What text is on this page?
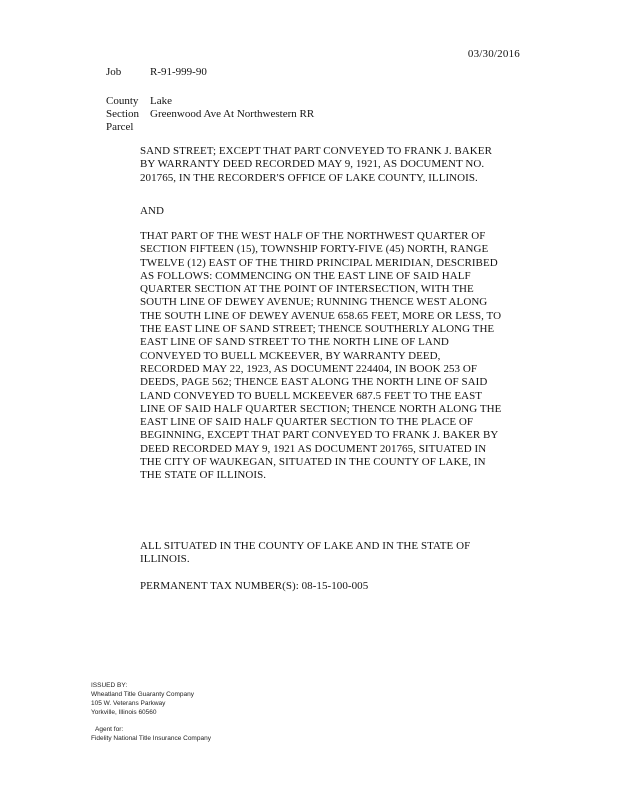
03/30/2016
Job	R-91-999-90
County	Lake
Section	Greenwood Ave At Northwestern RR
Parcel
SAND STREET; EXCEPT THAT PART CONVEYED TO FRANK J. BAKER BY WARRANTY DEED RECORDED MAY 9, 1921, AS DOCUMENT NO. 201765, IN THE RECORDER'S OFFICE OF LAKE COUNTY, ILLINOIS.
AND
THAT PART OF THE WEST HALF OF THE NORTHWEST QUARTER OF SECTION FIFTEEN (15), TOWNSHIP FORTY-FIVE (45) NORTH, RANGE TWELVE (12) EAST OF THE THIRD PRINCIPAL MERIDIAN, DESCRIBED AS FOLLOWS: COMMENCING ON THE EAST LINE OF SAID HALF QUARTER SECTION AT THE POINT OF INTERSECTION, WITH THE SOUTH LINE OF DEWEY AVENUE; RUNNING THENCE WEST ALONG THE SOUTH LINE OF DEWEY AVENUE 658.65 FEET, MORE OR LESS, TO THE EAST LINE OF SAND STREET; THENCE SOUTHERLY ALONG THE EAST LINE OF SAND STREET TO THE NORTH LINE OF LAND CONVEYED TO BUELL MCKEEVER, BY WARRANTY DEED, RECORDED MAY 22, 1923, AS DOCUMENT 224404, IN BOOK 253 OF DEEDS, PAGE 562; THENCE EAST ALONG THE NORTH LINE OF SAID LAND CONVEYED TO BUELL MCKEEVER 687.5 FEET TO THE EAST LINE OF SAID HALF QUARTER SECTION; THENCE NORTH ALONG THE EAST LINE OF SAID HALF QUARTER SECTION TO THE PLACE OF BEGINNING, EXCEPT THAT PART CONVEYED TO FRANK J. BAKER BY DEED RECORDED MAY 9, 1921 AS DOCUMENT 201765, SITUATED IN THE CITY OF WAUKEGAN, SITUATED IN THE COUNTY OF LAKE, IN THE STATE OF ILLINOIS.
ALL SITUATED IN THE COUNTY OF LAKE AND IN THE STATE OF ILLINOIS.
PERMANENT TAX NUMBER(S): 08-15-100-005
ISSUED BY:
Wheatland Title Guaranty Company
105 W. Veterans Parkway
Yorkville, Illinois 60560
Agent for:
Fidelity National Title Insurance Company
